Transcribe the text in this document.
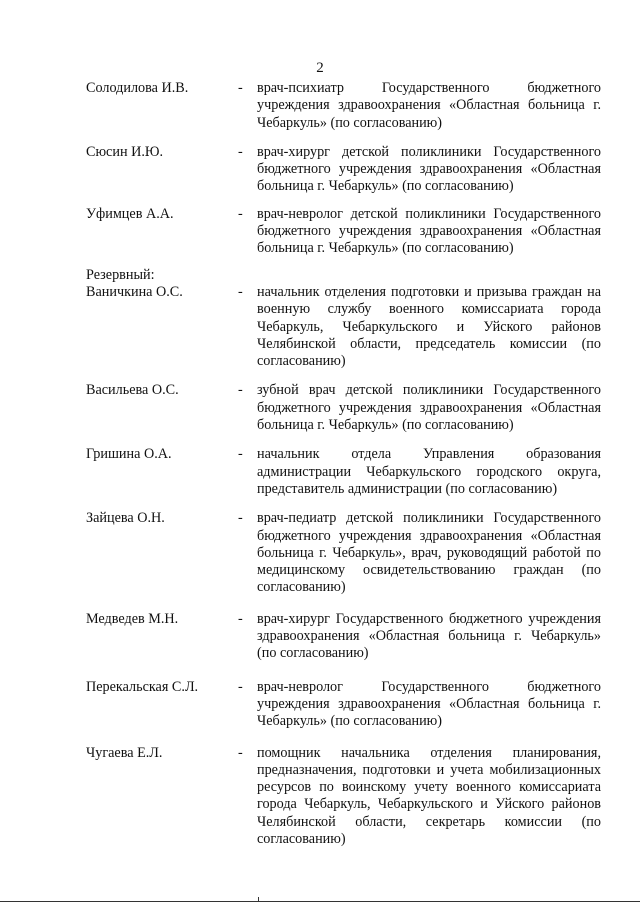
2
Солодилова И.В.	-	врач-психиатр Государственного бюджетного учреждения здравоохранения «Областная больница г. Чебаркуль» (по согласованию)
Сюсин И.Ю.	-	врач-хирург детской поликлиники Государственного бюджетного учреждения здравоохранения «Областная больница г. Чебаркуль» (по согласованию)
Уфимцев А.А.	-	врач-невролог детской поликлиники Государственного бюджетного учреждения здравоохранения «Областная больница г. Чебаркуль» (по согласованию)
Резервный:
Ваничкина О.С.	-	начальник отделения подготовки и призыва граждан на военную службу военного комиссариата города Чебаркуль, Чебаркульского и Уйского районов Челябинской области, председатель комиссии (по согласованию)
Васильева О.С.	-	зубной врач детской поликлиники Государственного бюджетного учреждения здравоохранения «Областная больница г. Чебаркуль» (по согласованию)
Гришина О.А.	-	начальник отдела Управления образования администрации Чебаркульского городского округа, представитель администрации (по согласованию)
Зайцева О.Н.	-	врач-педиатр детской поликлиники Государственного бюджетного учреждения здравоохранения «Областная больница г. Чебаркуль», врач, руководящий работой по медицинскому освидетельствованию граждан (по согласованию)
Медведев М.Н.	-	врач-хирург Государственного бюджетного учреждения здравоохранения «Областная больница г. Чебаркуль» (по согласованию)
Перекальская С.Л.	-	врач-невролог Государственного бюджетного учреждения здравоохранения «Областная больница г. Чебаркуль» (по согласованию)
Чугаева Е.Л.	-	помощник начальника отделения планирования, предназначения, подготовки и учета мобилизационных ресурсов по воинскому учету военного комиссариата города Чебаркуль, Чебаркульского и Уйского районов Челябинской области, секретарь комиссии (по согласованию)
